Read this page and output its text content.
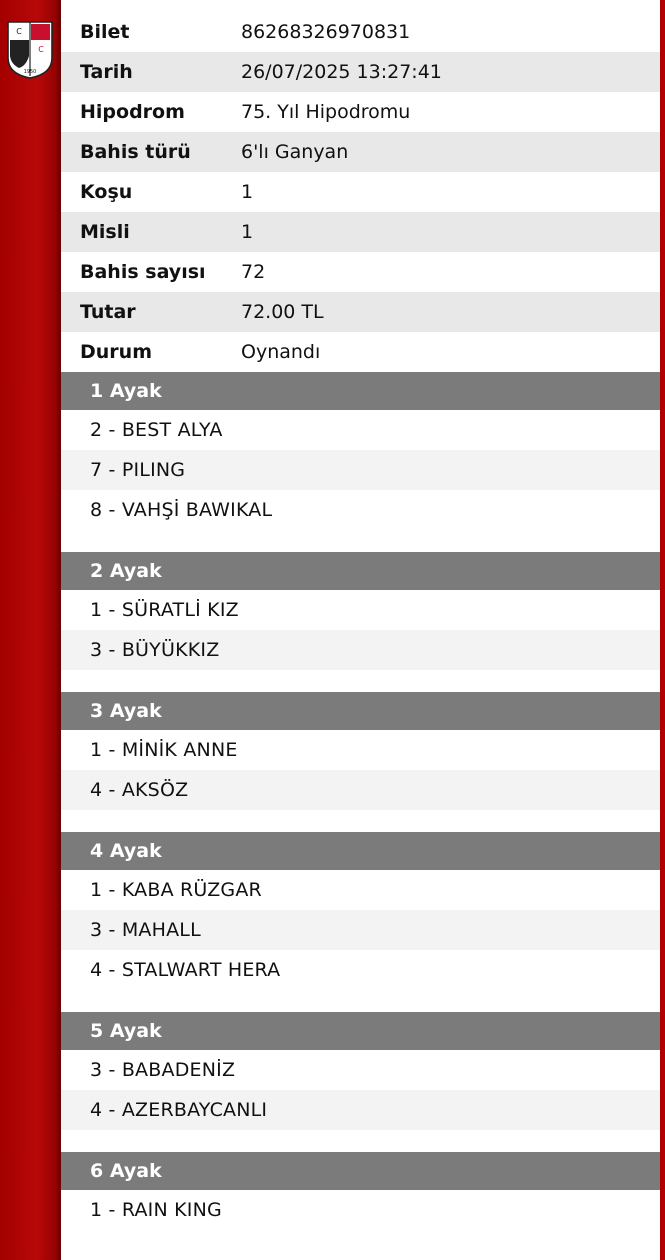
C
C
1950
Bilet	86268326970831
Tarih	26/07/2025 13:27:41
Hipodrom	75. Yıl Hipodromu
Bahis türü	6'lı Ganyan
Koşu	1
Misli	1
Bahis sayısı	72
Tutar	72.00 TL
Durum	Oynandı
1 Ayak
2 - BEST ALYA
7 - PILING
8 - VAHŞİ BAWIKAL
2 Ayak
1 - SÜRATLİ KIZ
3 - BÜYÜKKIZ
3 Ayak
1 - MİNİK ANNE
4 - AKSÖZ
4 Ayak
1 - KABA RÜZGAR
3 - MAHALL
4 - STALWART HERA
5 Ayak
3 - BABADENİZ
4 - AZERBAYCANLI
6 Ayak
1 - RAIN KING
